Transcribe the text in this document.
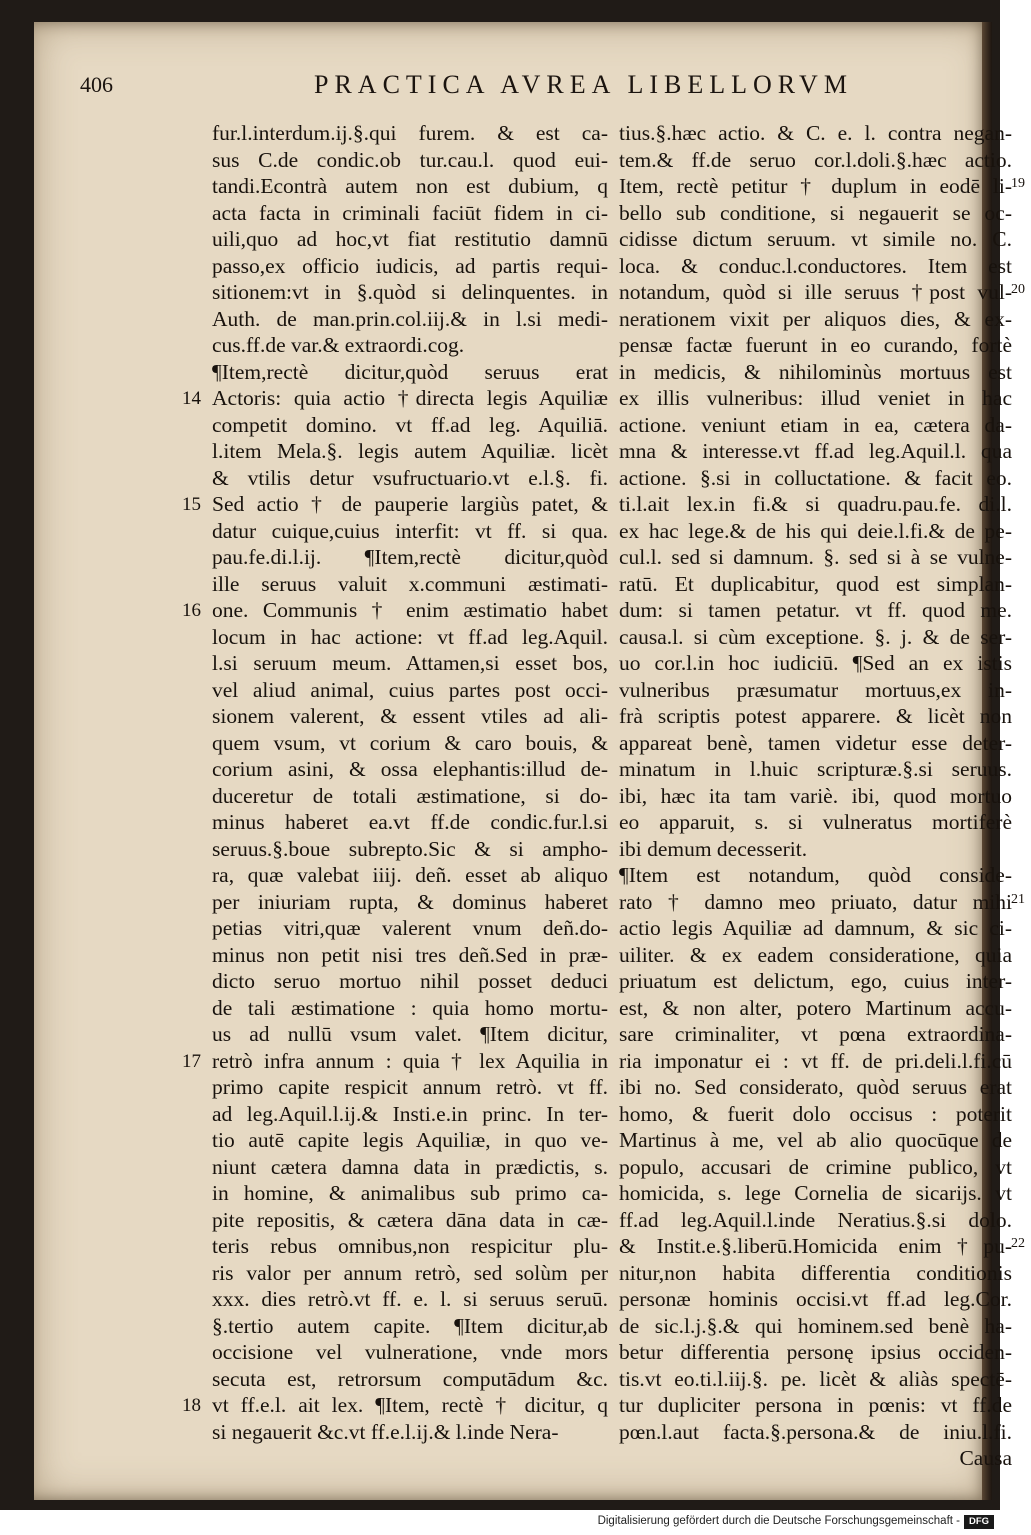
406	PRACTICA AVREA LIBELLORVM
14
15
16
17
18
fur.l.interdum.ij.§.qui furem. & est ca-
sus C.de condic.ob tur.cau.l. quod eui-
tandi.Econtrà autem non est dubium, q
acta facta in criminali faciūt fidem in ci-
uili,quo ad hoc,vt fiat restitutio damnū
passo,ex officio iudicis, ad partis requi-
sitionem:vt in §.quòd si delinquentes. in
Auth. de man.prin.col.iij.& in l.si medi-
cus.ff.de var.& extraordi.cog.
¶Item,rectè dicitur,quòd seruus erat
Actoris: quia actio †directa legis Aquiliæ
competit domino. vt ff.ad leg. Aquiliā.
l.item Mela.§. legis autem Aquiliæ. licèt
& vtilis detur vsufructuario.vt e.l.§. fi.
Sed actio † de pauperie largiùs patet, &
datur cuique,cuius interfit: vt ff. si qua.
pau.fe.di.l.ij. ¶Item,rectè dicitur,quòd
ille seruus valuit x.communi æstimati-
one. Communis † enim æstimatio habet
locum in hac actione: vt ff.ad leg.Aquil.
l.si seruum meum. Attamen,si esset bos,
vel aliud animal, cuius partes post occi-
sionem valerent, & essent vtiles ad ali-
quem vsum, vt corium & caro bouis, &
corium asini, & ossa elephantis:illud de-
duceretur de totali æstimatione, si do-
minus haberet ea.vt ff.de condic.fur.l.si
seruus.§.boue subrepto.Sic & si ampho-
ra, quæ valebat iiij. deñ. esset ab aliquo
per iniuriam rupta, & dominus haberet
petias vitri,quæ valerent vnum deñ.do-
minus non petit nisi tres deñ.Sed in præ-
dicto seruo mortuo nihil posset deduci
de tali æstimatione : quia homo mortu-
us ad nullū vsum valet. ¶Item dicitur,
retrò infra annum : quia † lex Aquilia in
primo capite respicit annum retrò. vt ff.
ad leg.Aquil.l.ij.& Insti.e.in princ. In ter-
tio autē capite legis Aquiliæ, in quo ve-
niunt cætera damna data in prædictis, s.
in homine, & animalibus sub primo ca-
pite repositis, & cætera dāna data in cæ-
teris rebus omnibus,non respicitur plu-
ris valor per annum retrò, sed solùm per
xxx. dies retrò.vt ff. e. l. si seruus seruū.
§.tertio autem capite. ¶Item dicitur,ab
occisione vel vulneratione, vnde mors
secuta est, retrorsum computādum &c.
vt ff.e.l. ait lex. ¶Item, rectè † dicitur, q
si negauerit &c.vt ff.e.l.ij.& l.inde Nera-
tius.§.hæc actio. & C. e. l. contra negan-
tem.& ff.de seruo cor.l.doli.§.hæc actio.
Item, rectè petitur † duplum in eodē li-
bello sub conditione, si negauerit se oc-
cidisse dictum seruum. vt simile no. C.
loca. & conduc.l.conductores. Item est
notandum, quòd si ille seruus †post vul-
nerationem vixit per aliquos dies, & ex-
pensæ factæ fuerunt in eo curando, fortè
in medicis, & nihilominùs mortuus est
ex illis vulneribus: illud veniet in hac
actione. veniunt etiam in ea, cætera da-
mna & interesse.vt ff.ad leg.Aquil.l. qua
actione. §.si in colluctatione. & facit eo.
ti.l.ait lex.in fi.& si quadru.pau.fe. di.l.
ex hac lege.& de his qui deie.l.fi.& de pe-
cul.l. sed si damnum. §. sed si à se vulne-
ratū. Et duplicabitur, quod est simplan-
dum: si tamen petatur. vt ff. quod me.
causa.l. si cùm exceptione. §. j. & de ser-
uo cor.l.in hoc iudiciū. ¶Sed an ex istis
vulneribus præsumatur mortuus,ex in-
frà scriptis potest apparere. & licèt non
appareat benè, tamen videtur esse deter-
minatum in l.huic scripturæ.§.si seruus.
ibi, hæc ita tam variè. ibi, quod mortuo
eo apparuit, s. si vulneratus mortiferè
ibi demum decesserit.
¶Item est notandum, quòd conside-
rato † damno meo priuato, datur mihi
actio legis Aquiliæ ad damnum, & sic ci-
uiliter. & ex eadem consideratione, quia
priuatum est delictum, ego, cuius inter-
est, & non alter, potero Martinum accu-
sare criminaliter, vt pœna extraordina-
ria imponatur ei : vt ff. de pri.deli.l.fi.cū
ibi no. Sed considerato, quòd seruus erat
homo, & fuerit dolo occisus : poterit
Martinus à me, vel ab alio quocūque de
populo, accusari de crimine publico, vt
homicida, s. lege Cornelia de sicarijs. vt
ff.ad leg.Aquil.l.inde Neratius.§.si dolo.
& Instit.e.§.liberū.Homicida enim†pu-
nitur,non habita differentia conditionis
personæ hominis occisi.vt ff.ad leg.Cor.
de sic.l.j.§.& qui hominem.sed benè ha-
betur differentia personę ipsius occiden-
tis.vt eo.ti.l.iij.§. pe. licèt & aliàs spectē-
tur dupliciter persona in pœnis: vt ff.de
pœn.l.aut facta.§.persona.& de iniu.l.fi.
Causa
19
20
21
22
Digitalisierung gefördert durch die Deutsche Forschungsgemeinschaft - DFG
